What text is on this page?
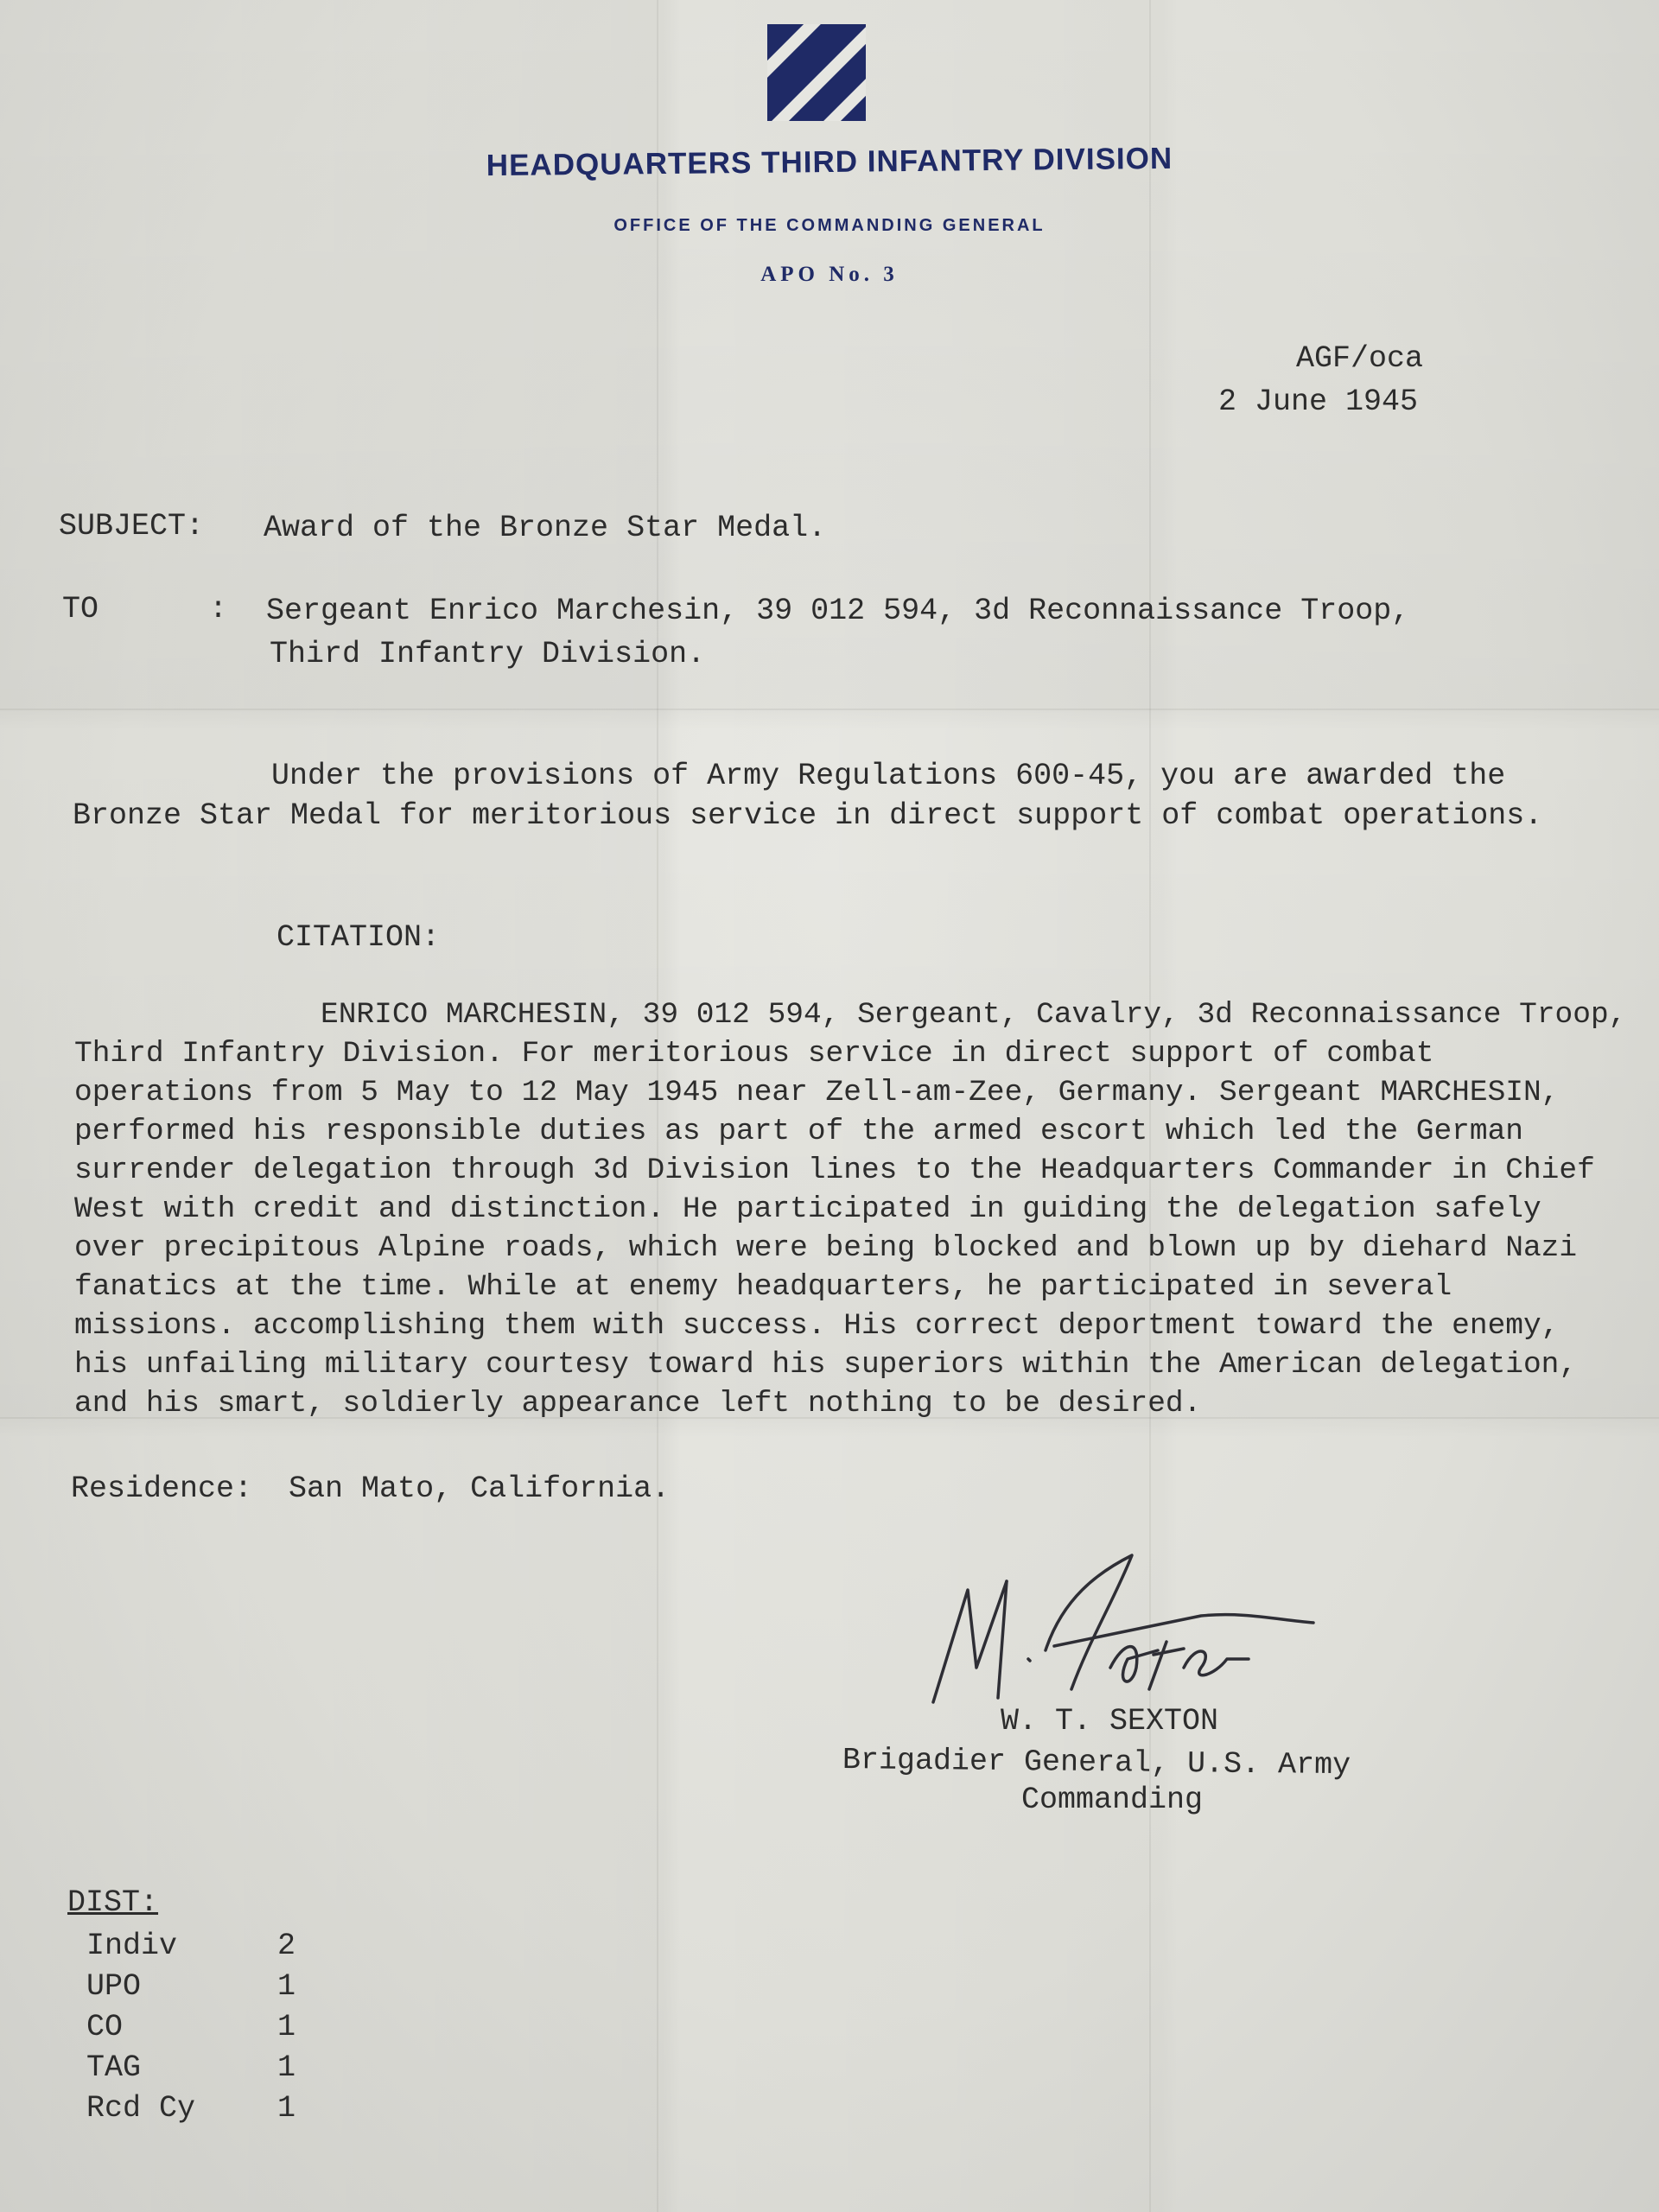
HEADQUARTERS THIRD INFANTRY DIVISION
OFFICE OF THE COMMANDING GENERAL
APO No. 3
AGF/oca
2 June 1945
SUBJECT: Award of the Bronze Star Medal.
TO	: Sergeant Enrico Marchesin, 39 012 594, 3d Reconnaissance Troop,
Third Infantry Division.
Under the provisions of Army Regulations 600-45, you are awarded the Bronze Star Medal for meritorious service in direct support of combat operations.
CITATION:
ENRICO MARCHESIN, 39 012 594, Sergeant, Cavalry, 3d Reconnaissance Troop, Third Infantry Division. For meritorious service in direct support of combat operations from 5 May to 12 May 1945 near Zell-am-Zee, Germany. Sergeant MARCHESIN, performed his responsible duties as part of the armed escort which led the German surrender delegation through 3d Division lines to the Headquarters Commander in Chief West with credit and distinction. He participated in guiding the delegation safely over precipitous Alpine roads, which were being blocked and blown up by diehard Nazi fanatics at the time. While at enemy headquarters, he participated in several missions. accomplishing them with success. His correct deportment toward the enemy, his unfailing military courtesy toward his superiors within the American delegation, and his smart, soldierly appearance left nothing to be desired.
Residence:  San Mato, California.
W. T. SEXTON
Brigadier General, U.S. Army
Commanding
DIST:
Indiv	2
UPO	1
CO	1
TAG	1
Rcd Cy	1
